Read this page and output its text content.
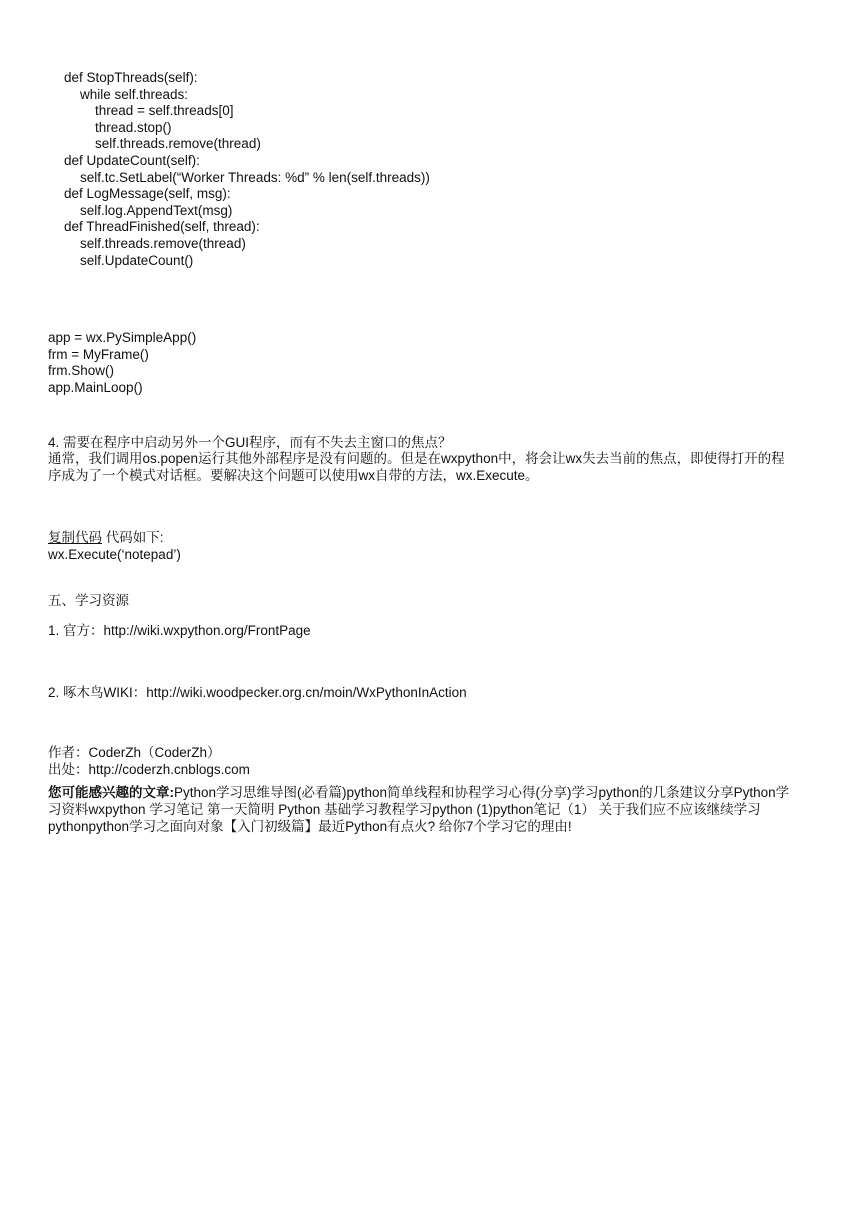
def StopThreads(self):
while self.threads:
thread = self.threads[0]
thread.stop()
self.threads.remove(thread)
def UpdateCount(self):
self.tc.SetLabel(“Worker Threads: %d” % len(self.threads))
def LogMessage(self, msg):
self.log.AppendText(msg)
def ThreadFinished(self, thread):
self.threads.remove(thread)
self.UpdateCount()
app = wx.PySimpleApp()
frm = MyFrame()
frm.Show()
app.MainLoop()

4. 需要在程序中启动另外一个GUI程序，而有不失去主窗口的焦点？

通常，我们调用os.popen运行其他外部程序是没有问题的。但是在wxpython中，将会让wx失去当前的焦点，即使得打开的程

序成为了一个模式对话框。要解决这个问题可以使用wx自带的方法，wx.Execute。

复制代码 代码如下:

wx.Execute(‘notepad’)

五、学习资源

1. 官方：http://wiki.wxpython.org/FrontPage

2. 啄木鸟WIKI：http://wiki.woodpecker.org.cn/moin/WxPythonInAction

作者：CoderZh（CoderZh）

出处：http://coderzh.cnblogs.com

您可能感兴趣的文章:Python学习思维导图(必看篇)python简单线程和协程学习心得(分享)学习python的几条建议分享Python学

习资料wxpython 学习笔记 第一天简明 Python 基础学习教程学习python (1)python笔记（1） 关于我们应不应该继续学习

pythonpython学习之面向对象【入门初级篇】最近Python有点火? 给你7个学习它的理由!
